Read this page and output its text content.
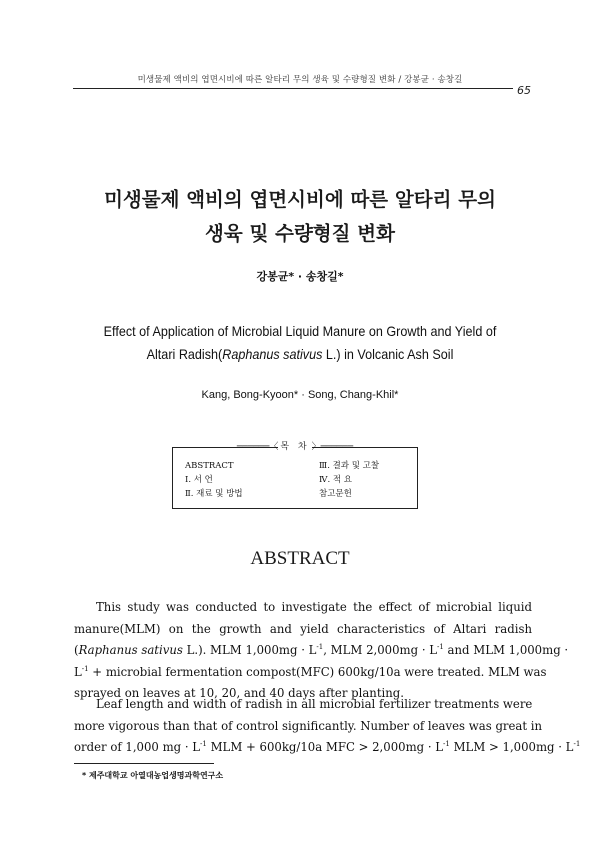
미생물제 액비의 엽면시비에 따른 알타리 무의 생육 및 수량형질 변화 / 강봉균 · 송창길
65
미생물제 액비의 엽면시비에 따른 알타리 무의
생육 및 수량형질 변화
강봉균* · 송창길*
Effect of Application of Microbial Liquid Manure on Growth and Yield of
Altari Radish(Raphanus sativus L.) in Volcanic Ash Soil
Kang, Bong-Kyoon* · Song, Chang-Khil*
──────〈 목 차 〉──────
ABSTRACT
Ⅰ. 서 언
Ⅱ. 재료 및 방법
Ⅲ. 결과 및 고찰
Ⅳ. 적 요
참고문헌
ABSTRACT
This study was conducted to investigate the effect of microbial liquid
manure(MLM) on the growth and yield characteristics of Altari radish
(Raphanus sativus L.). MLM $1,000mg \cdot L^{-1}$, MLM $2,000mg \cdot L^{-1}$ and MLM 1,000mg ·
$L^{-1}$ + microbial fermentation compost(MFC) 600kg/10a were treated. MLM was
sprayed on leaves at 10, 20, and 40 days after planting.
Leaf length and width of radish in all microbial fertilizer treatments were
more vigorous than that of control significantly. Number of leaves was great in
order of 1,000 mg · $L^{-1}$ MLM + 600kg/10a MFC > $2,000mg \cdot L^{-1}$ MLM > $1,000mg \cdot L^{-1}$
* 제주대학교 아열대농업생명과학연구소
